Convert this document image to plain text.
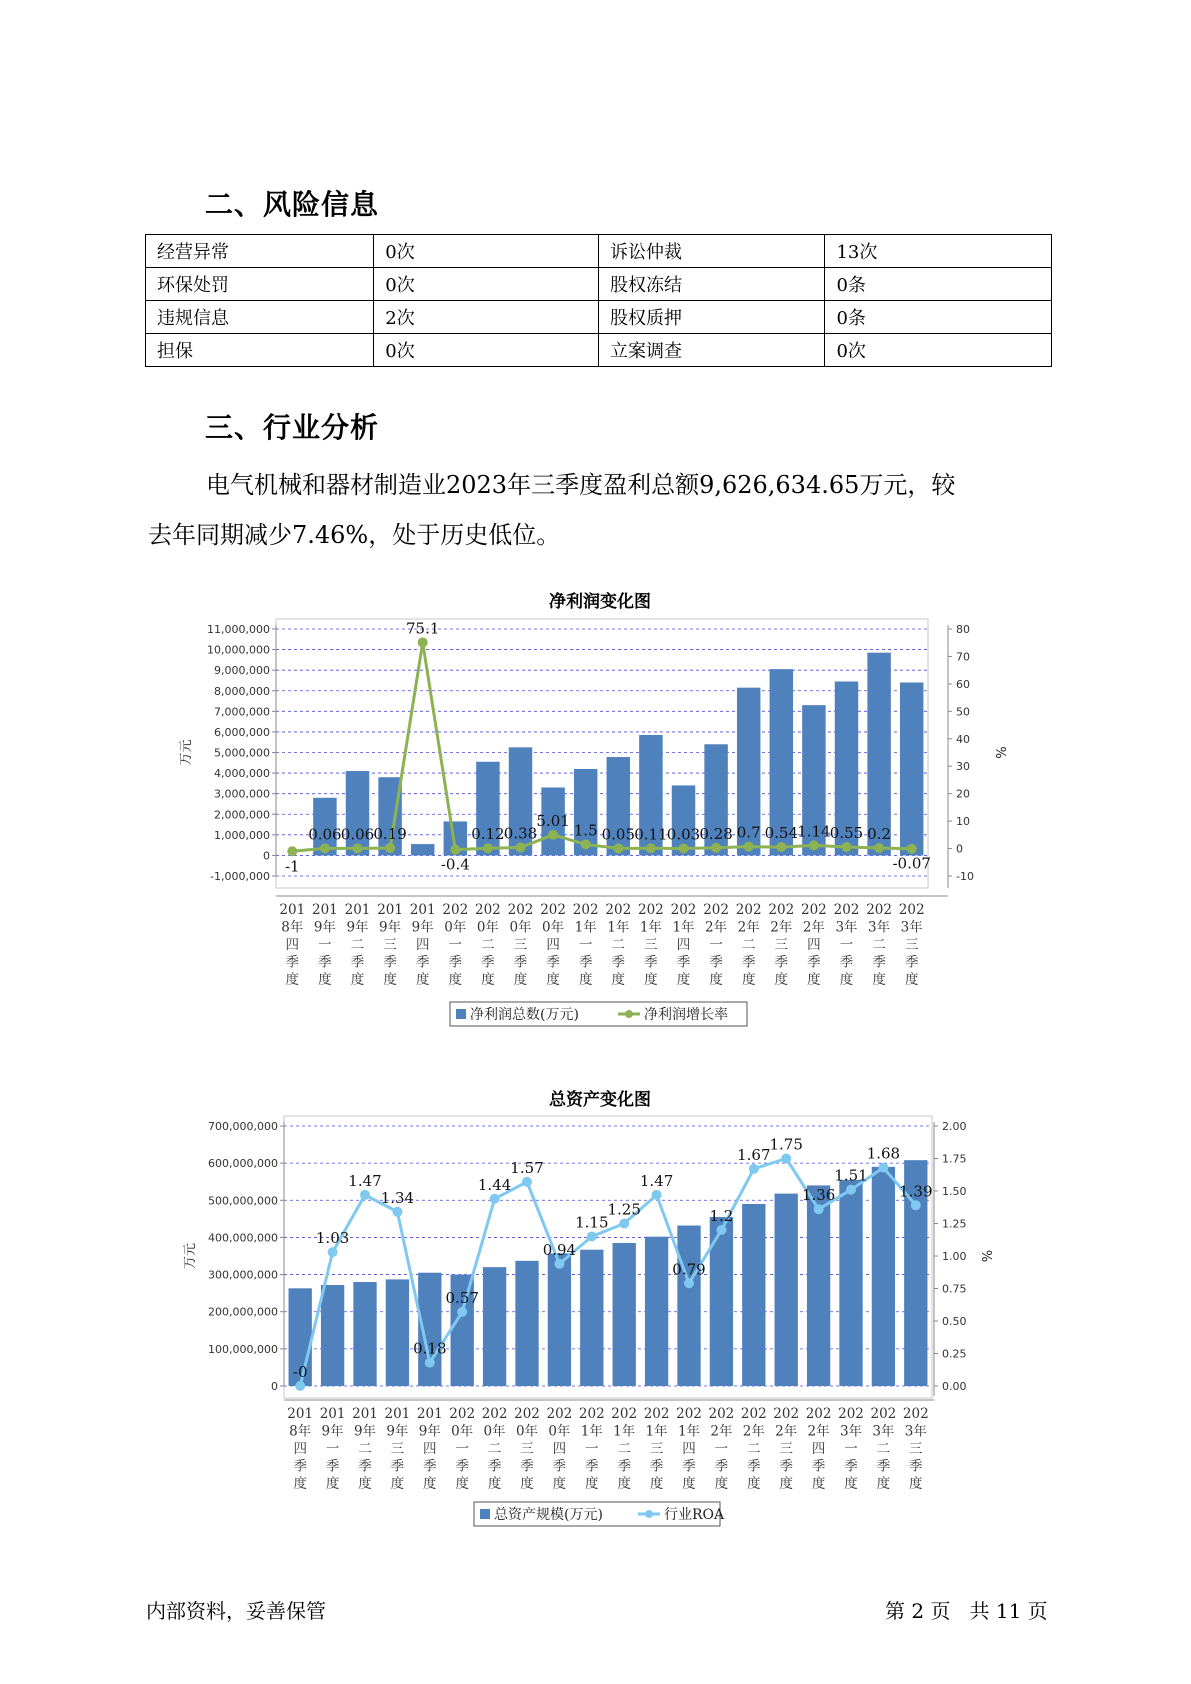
二、风险信息
经营异常	0次	诉讼仲裁	13次
环保处罚	0次	股权冻结	0条
违规信息	2次	股权质押	0条
担保	0次	立案调查	0次
三、行业分析

电气机械和器材制造业2023年三季度盈利总额9,626,634.65万元，较
去年同期减少7.46%，处于历史低位。

净利润变化图
-1,000,000
0
1,000,000
2,000,000
3,000,000
4,000,000
5,000,000
6,000,000
7,000,000
8,000,000
9,000,000
10,000,000
11,000,000
-10
0
10
20
30
40
50
60
70
80
万元	%
-1
0.06 0.06 0.19
75.1
-0.4
0.12 0.38
5.01
1.5 0.05 0.11 0.03 0.28 0.7 0.54 1.14 0.55 0.2
-0.07
201
8年
四
季
度
201
9年
一
季
度
201
9年
二
季
度
201
9年
三
季
度
201
9年
四
季
度
202
0年
一
季
度
202
0年
二
季
度
202
0年
三
季
度
202
0年
四
季
度
202
1年
一
季
度
202
1年
二
季
度
202
1年
三
季
度
202
1年
四
季
度
202
2年
一
季
度
202
2年
二
季
度
202
2年
三
季
度
202
2年
四
季
度
202
3年
一
季
度
202
3年
二
季
度
202
3年
三
季
度
净利润总数(万元)	净利润增长率
总资产变化图
0
100,000,000
200,000,000
300,000,000
400,000,000
500,000,000
600,000,000
700,000,000
0.00
0.25
0.50
0.75
1.00
1.25
1.50
1.75
2.00
万元	%
-0
1.03
1.47
1.34
0.18
0.57
1.44
1.57
0.94
1.15
1.25
1.47
0.79
1.2
1.67
1.75
1.36
1.51
1.68
1.39
201
8年
四
季
度
201
9年
一
季
度
201
9年
二
季
度
201
9年
三
季
度
201
9年
四
季
度
202
0年
一
季
度
202
0年
二
季
度
202
0年
三
季
度
202
0年
四
季
度
202
1年
一
季
度
202
1年
二
季
度
202
1年
三
季
度
202
1年
四
季
度
202
2年
一
季
度
202
2年
二
季
度
202
2年
三
季
度
202
2年
四
季
度
202
3年
一
季
度
202
3年
二
季
度
202
3年
三
季
度
总资产规模(万元)	行业ROA
内部资料，妥善保管	第 2 页   共 11 页
